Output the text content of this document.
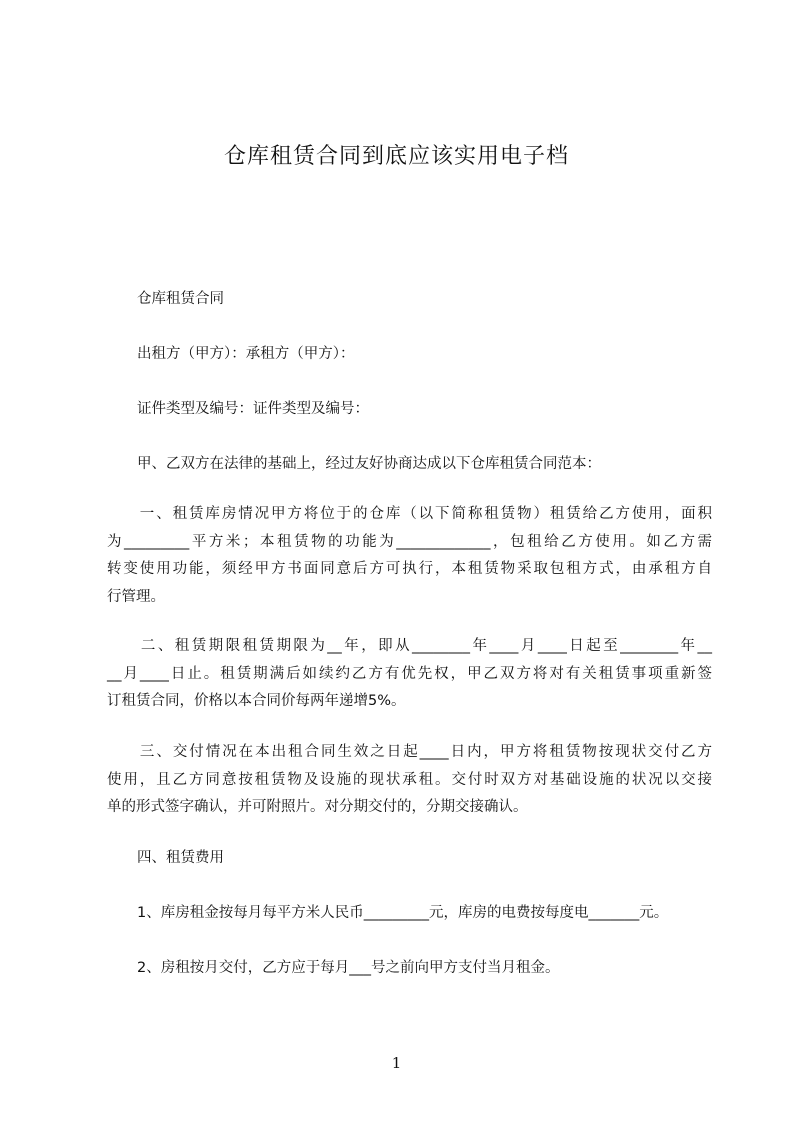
仓库租赁合同到底应该实用电子档
仓库租赁合同
出租方（甲方）：承租方（甲方）：
证件类型及编号：证件类型及编号：
甲、乙双方在法律的基础上，经过友好协商达成以下仓库租赁合同范本：
　　一、租赁库房情况甲方将位于的仓库（以下简称租赁物）租赁给乙方使用，面积
为_________平方米；本租赁物的功能为_____________，包租给乙方使用。如乙方需
转变使用功能，须经甲方书面同意后方可执行，本租赁物采取包租方式，由承租方自
行管理。
　　二、租赁期限租赁期限为__年，即从________年____月____日起至________年__
__月____日止。租赁期满后如续约乙方有优先权，甲乙双方将对有关租赁事项重新签
订租赁合同，价格以本合同价每两年递增5%。
　　三、交付情况在本出租合同生效之日起____日内，甲方将租赁物按现状交付乙方
使用，且乙方同意按租赁物及设施的现状承租。交付时双方对基础设施的状况以交接
单的形式签字确认，并可附照片。对分期交付的，分期交接确认。
四、租赁费用
1、库房租金按每月每平方米人民币_________元，库房的电费按每度电_______元。
2、房租按月交付，乙方应于每月___号之前向甲方支付当月租金。
1
